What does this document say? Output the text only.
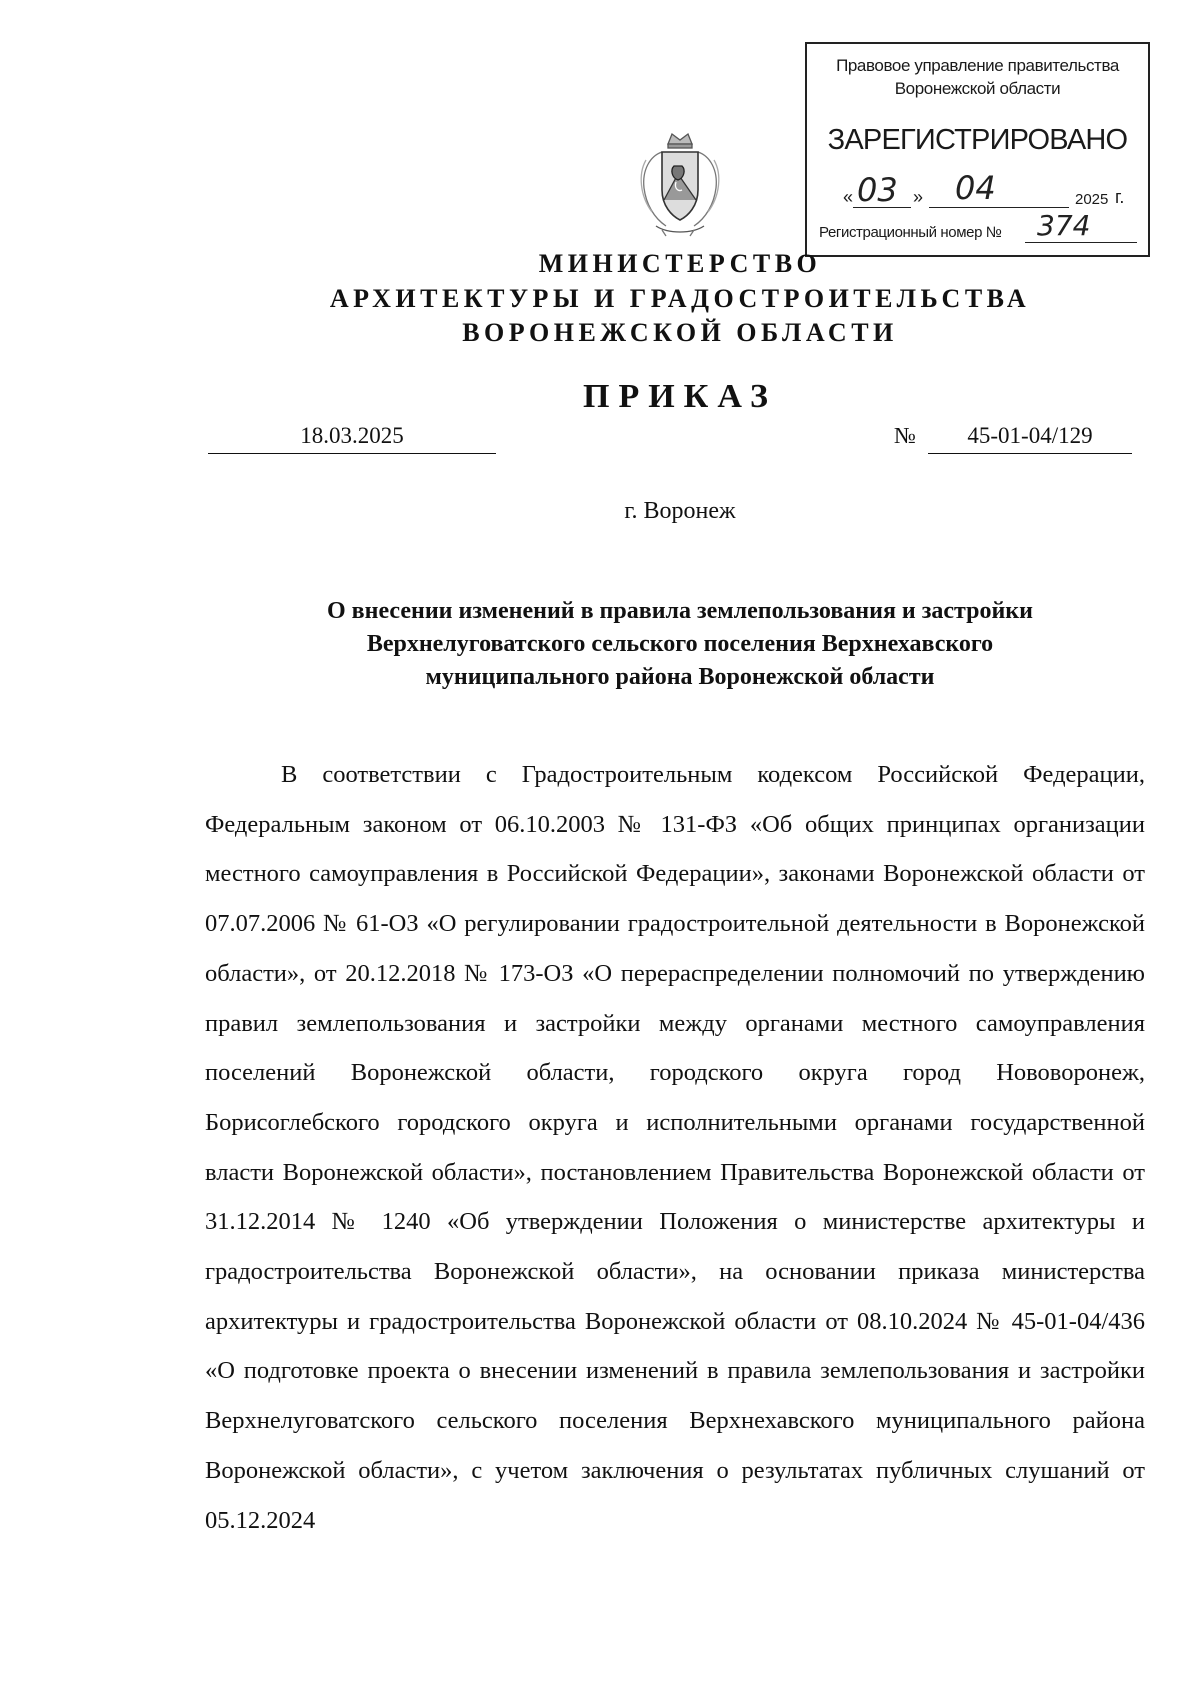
Правовое управление правительства
Воронежской области
ЗАРЕГИСТРИРОВАНО
« 03 » 04	2025 г.
Регистрационный номер № 374
МИНИСТЕРСТВО
АРХИТЕКТУРЫ И ГРАДОСТРОИТЕЛЬСТВА
ВОРОНЕЖСКОЙ ОБЛАСТИ
ПРИКАЗ
18.03.2025	№	45-01-04/129
г. Воронеж
О внесении изменений в правила землепользования и застройки
Верхнелуговатского сельского поселения Верхнехавского
муниципального района Воронежской области
В соответствии с Градостроительным кодексом Российской Федерации, Федеральным законом от 06.10.2003 № 131-ФЗ «Об общих принципах организации местного самоуправления в Российской Федерации», законами Воронежской области от 07.07.2006 № 61-ОЗ «О регулировании градостроительной деятельности в Воронежской области», от 20.12.2018 № 173-ОЗ «О перераспределении полномочий по утверждению правил землепользования и застройки между органами местного самоуправления поселений Воронежской области, городского округа город Нововоронеж, Борисоглебского городского округа и исполнительными органами государственной власти Воронежской области», постановлением Правительства Воронежской области от 31.12.2014 № 1240 «Об утверждении Положения о министерстве архитектуры и градостроительства Воронежской области», на основании приказа министерства архитектуры и градостроительства Воронежской области от 08.10.2024 № 45-01-04/436 «О подготовке проекта о внесении изменений в правила землепользования и застройки Верхнелуговатского сельского поселения Верхнехавского муниципального района Воронежской области», с учетом заключения о результатах публичных слушаний от 05.12.2024
